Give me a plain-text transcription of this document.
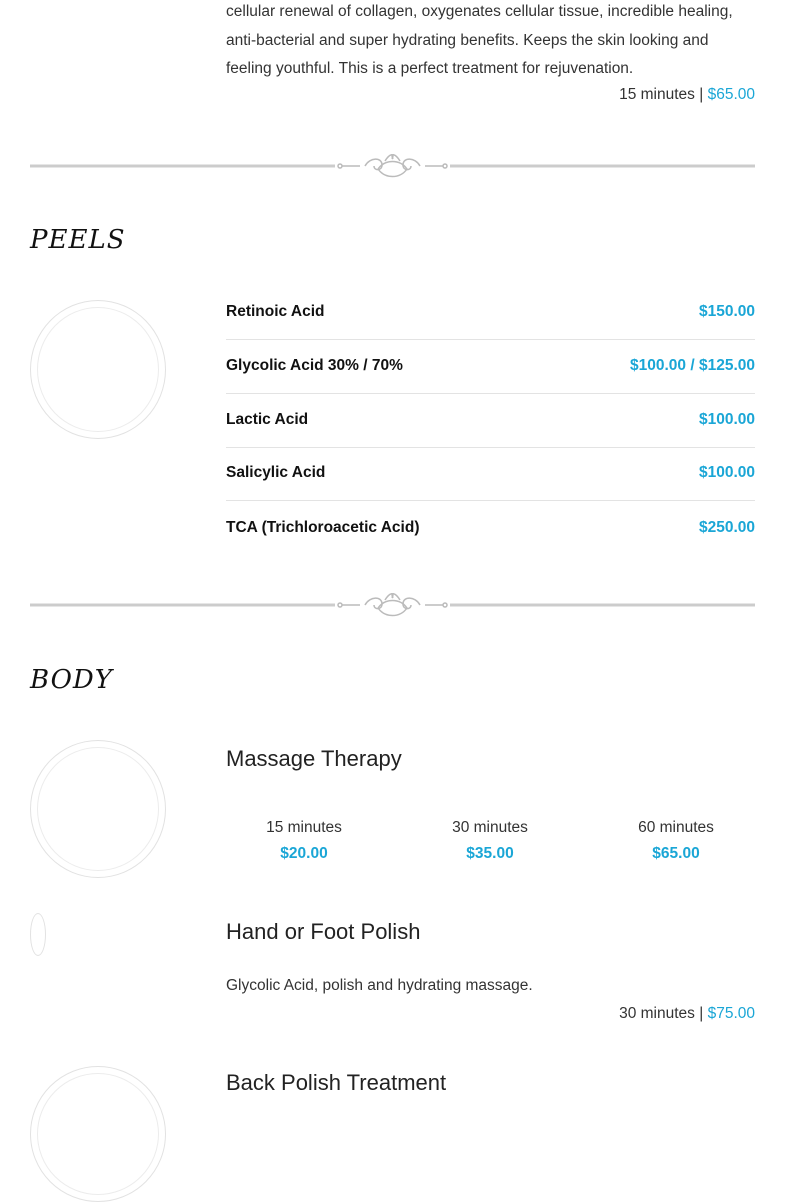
cellular renewal of collagen, oxygenates cellular tissue, incredible healing, anti-bacterial and super hydrating benefits. Keeps the skin looking and feeling youthful. This is a perfect treatment for rejuvenation.
15 minutes | $65.00
PEELS
Retinoic Acid	$150.00
Glycolic Acid 30% / 70%	$100.00 / $125.00
Lactic Acid	$100.00
Salicylic Acid	$100.00
TCA (Trichloroacetic Acid)	$250.00
BODY
Massage Therapy
15 minutes
$20.00
30 minutes
$35.00
60 minutes
$65.00
Hand or Foot Polish
Glycolic Acid, polish and hydrating massage.
30 minutes | $75.00
Back Polish Treatment
